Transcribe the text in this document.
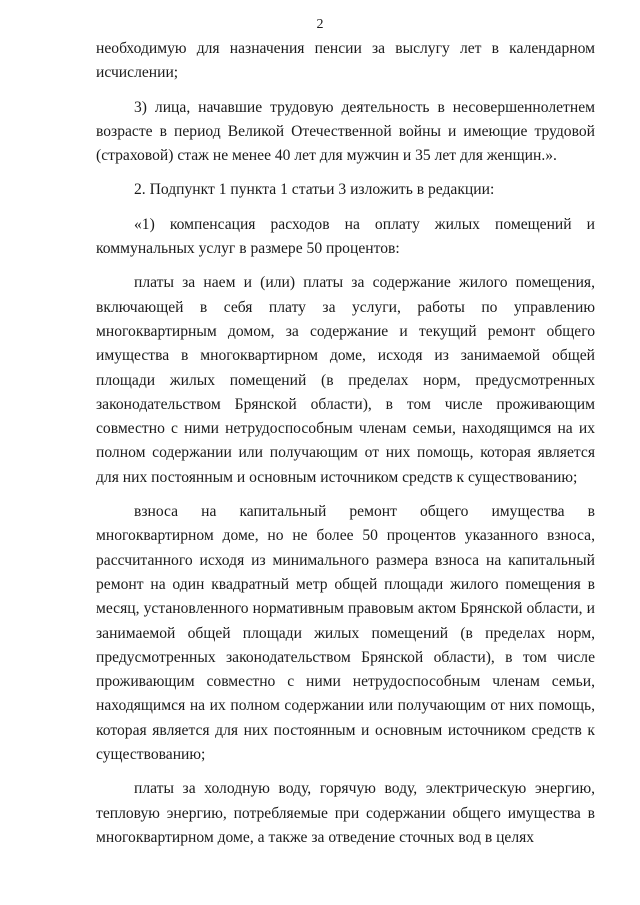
2

необходимую для назначения пенсии за выслугу лет в календарном исчислении;

3) лица, начавшие трудовую деятельность в несовершеннолетнем возрасте в период Великой Отечественной войны и имеющие трудовой (страховой) стаж не менее 40 лет для мужчин и 35 лет для женщин.».

2. Подпункт 1 пункта 1 статьи 3 изложить в редакции:

«1) компенсация расходов на оплату жилых помещений и коммунальных услуг в размере 50 процентов:

платы за наем и (или) платы за содержание жилого помещения, включающей в себя плату за услуги, работы по управлению многоквартирным домом, за содержание и текущий ремонт общего имущества в многоквартирном доме, исходя из занимаемой общей площади жилых помещений (в пределах норм, предусмотренных законодательством Брянской области), в том числе проживающим совместно с ними нетрудоспособным членам семьи, находящимся на их полном содержании или получающим от них помощь, которая является для них постоянным и основным источником средств к существованию;

взноса на капитальный ремонт общего имущества в многоквартирном доме, но не более 50 процентов указанного взноса, рассчитанного исходя из минимального размера взноса на капитальный ремонт на один квадратный метр общей площади жилого помещения в месяц, установленного нормативным правовым актом Брянской области, и занимаемой общей площади жилых помещений (в пределах норм, предусмотренных законодательством Брянской области), в том числе проживающим совместно с ними нетрудоспособным членам семьи, находящимся на их полном содержании или получающим от них помощь, которая является для них постоянным и основным источником средств к существованию;

платы за холодную воду, горячую воду, электрическую энергию, тепловую энергию, потребляемые при содержании общего имущества в многоквартирном доме, а также за отведение сточных вод в целях
